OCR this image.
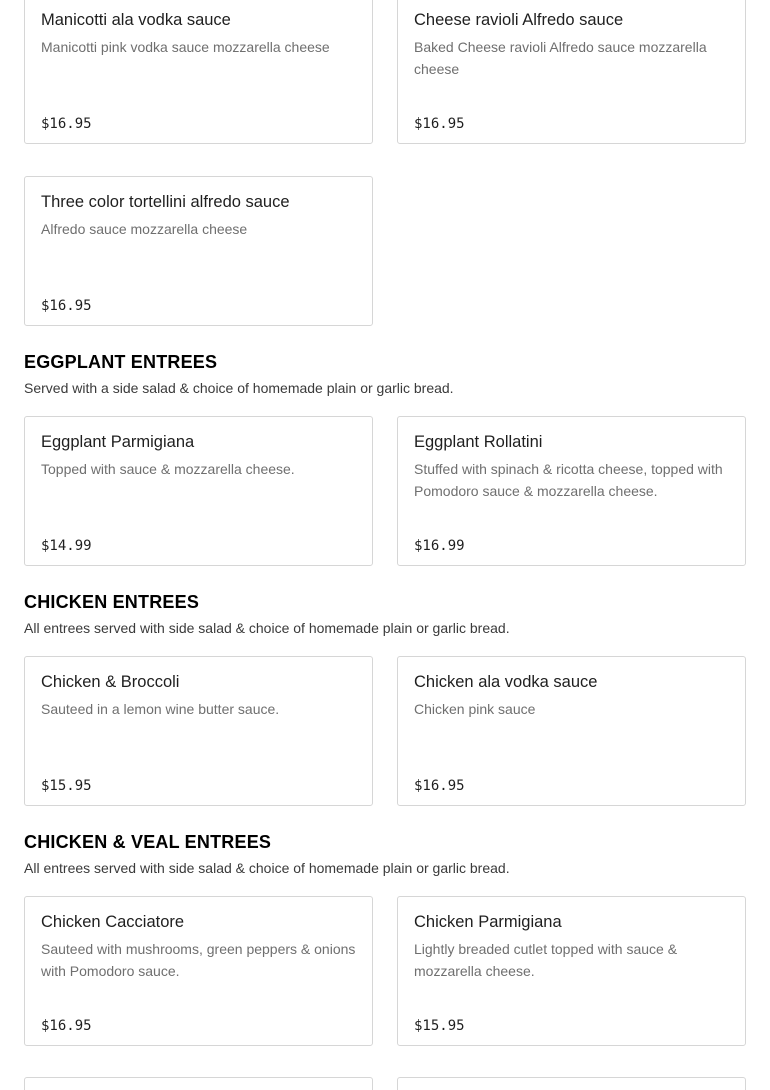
Manicotti ala vodka sauce
Manicotti pink vodka sauce mozzarella cheese
$16.95
Cheese ravioli Alfredo sauce
Baked Cheese ravioli Alfredo sauce mozzarella cheese
$16.95
Three color tortellini alfredo sauce
Alfredo sauce mozzarella cheese
$16.95
EGGPLANT ENTREES

Served with a side salad & choice of homemade plain or garlic bread.

Eggplant Parmigiana
Topped with sauce & mozzarella cheese.
$14.99
Eggplant Rollatini
Stuffed with spinach & ricotta cheese, topped with Pomodoro sauce & mozzarella cheese.
$16.99
CHICKEN ENTREES

All entrees served with side salad & choice of homemade plain or garlic bread.

Chicken & Broccoli
Sauteed in a lemon wine butter sauce.
$15.95
Chicken ala vodka sauce
Chicken pink sauce
$16.95
CHICKEN & VEAL ENTREES

All entrees served with side salad & choice of homemade plain or garlic bread.

Chicken Cacciatore
Sauteed with mushrooms, green peppers & onions with Pomodoro sauce.
$16.95
Chicken Parmigiana
Lightly breaded cutlet topped with sauce & mozzarella cheese.
$15.95
